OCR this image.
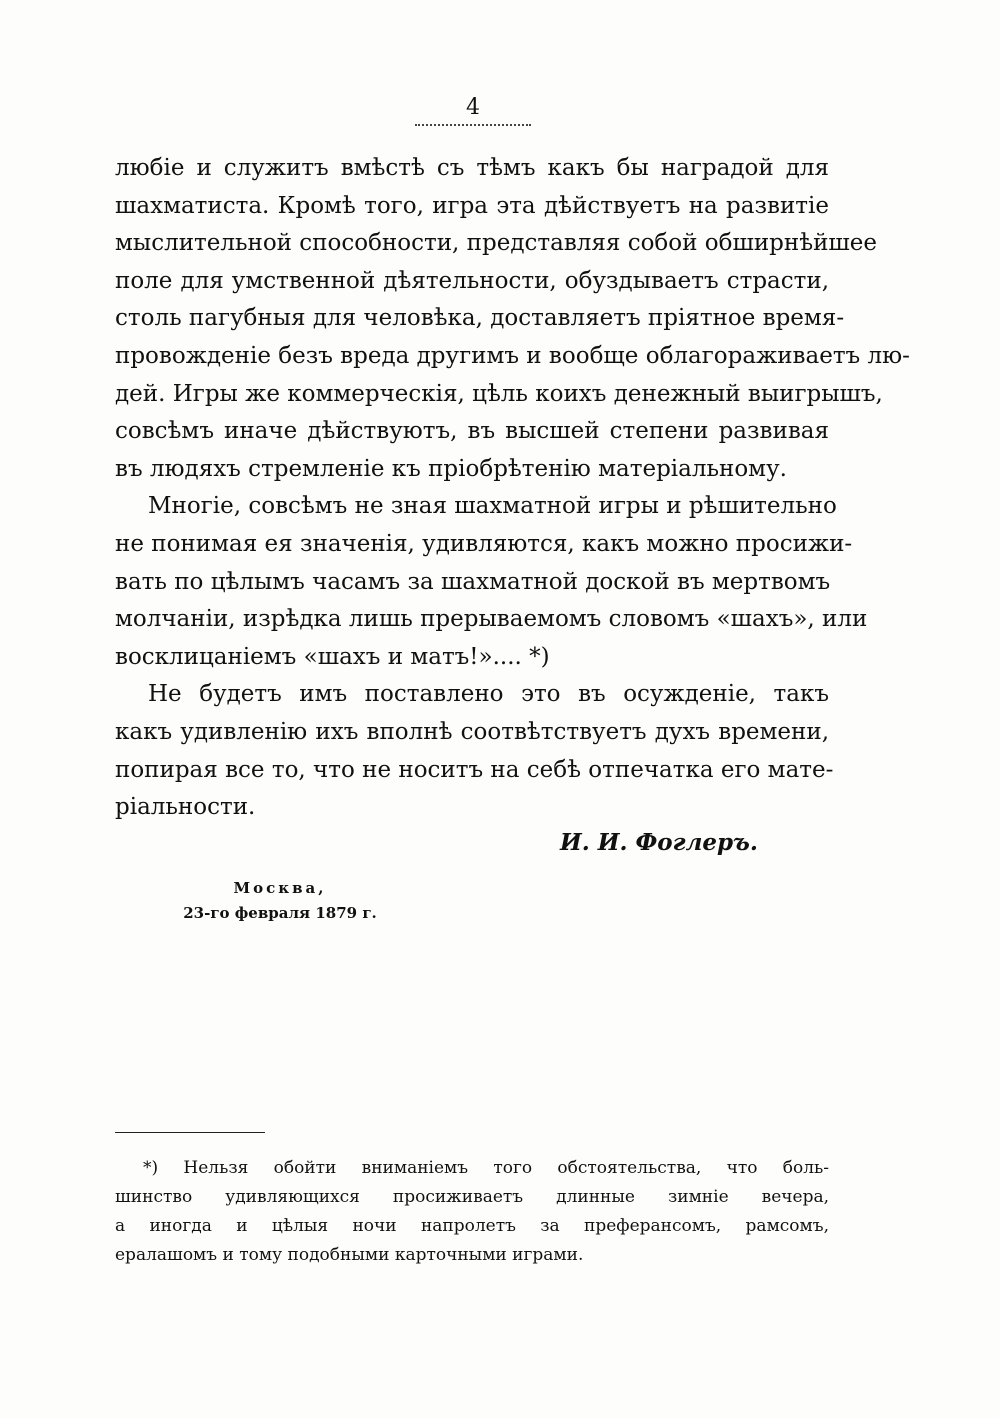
4
любіе и служитъ вмѣстѣ съ тѣмъ какъ бы наградой для
шахматиста. Кромѣ того, игра эта дѣйствуетъ на развитіе
мыслительной способности, представляя собой обширнѣйшее
поле для умственной дѣятельности, обуздываетъ страсти,
столь пагубныя для человѣка, доставляетъ пріятное время-
провожденіе безъ вреда другимъ и вообще облагораживаетъ лю-
дей. Игры же коммерческія, цѣль коихъ денежный выигрышъ,
совсѣмъ иначе дѣйствуютъ, въ высшей степени развивая
въ людяхъ стремленіе къ пріобрѣтенію матеріальному.
Многіе, совсѣмъ не зная шахматной игры и рѣшительно
не понимая ея значенія, удивляются, какъ можно просижи-
вать по цѣлымъ часамъ за шахматной доской въ мертвомъ
молчаніи, изрѣдка лишь прерываемомъ словомъ «шахъ», или
восклицаніемъ «шахъ и матъ!».... *)
Не будетъ имъ поставлено это въ осужденіе, такъ
какъ удивленію ихъ вполнѣ соотвѣтствуетъ духъ времени,
попирая все то, что не носитъ на себѣ отпечатка его мате-
ріальности.
И. И. Фоглеръ.
Москва,
23-го февраля 1879 г.
*) Нельзя обойти вниманіемъ того обстоятельства, что боль-
шинство удивляющихся просиживаетъ длинные зимніе вечера,
а иногда и цѣлыя ночи напролетъ за преферансомъ, рамсомъ,
ералашомъ и тому подобными карточными играми.
